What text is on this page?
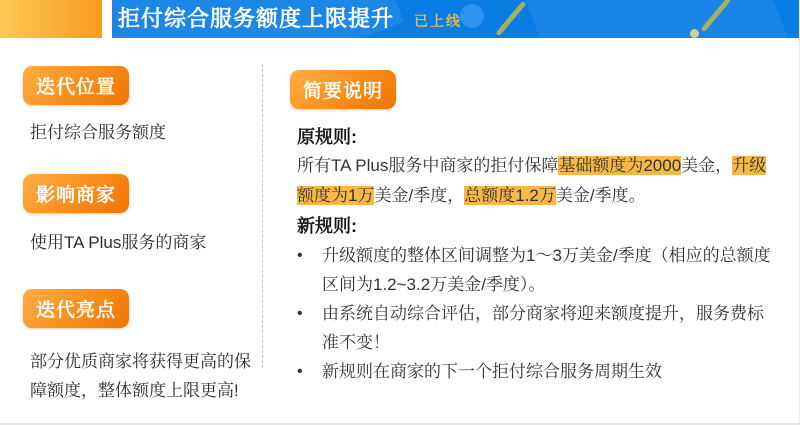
拒付综合服务额度上限提升 已上线
迭代位置
拒付综合服务额度
影响商家
使用TA Plus服务的商家
迭代亮点
部分优质商家将获得更高的保
障额度，整体额度上限更高!
简要说明
原规则:
所有TA Plus服务中商家的拒付保障基础额度为2000美金，升级
额度为1万美金/季度，总额度1.2万美金/季度。
新规则:
• 升级额度的整体区间调整为1～3万美金/季度（相应的总额度
区间为1.2~3.2万美金/季度）。
• 由系统自动综合评估，部分商家将迎来额度提升，服务费标
准不变！
• 新规则在商家的下一个拒付综合服务周期生效
